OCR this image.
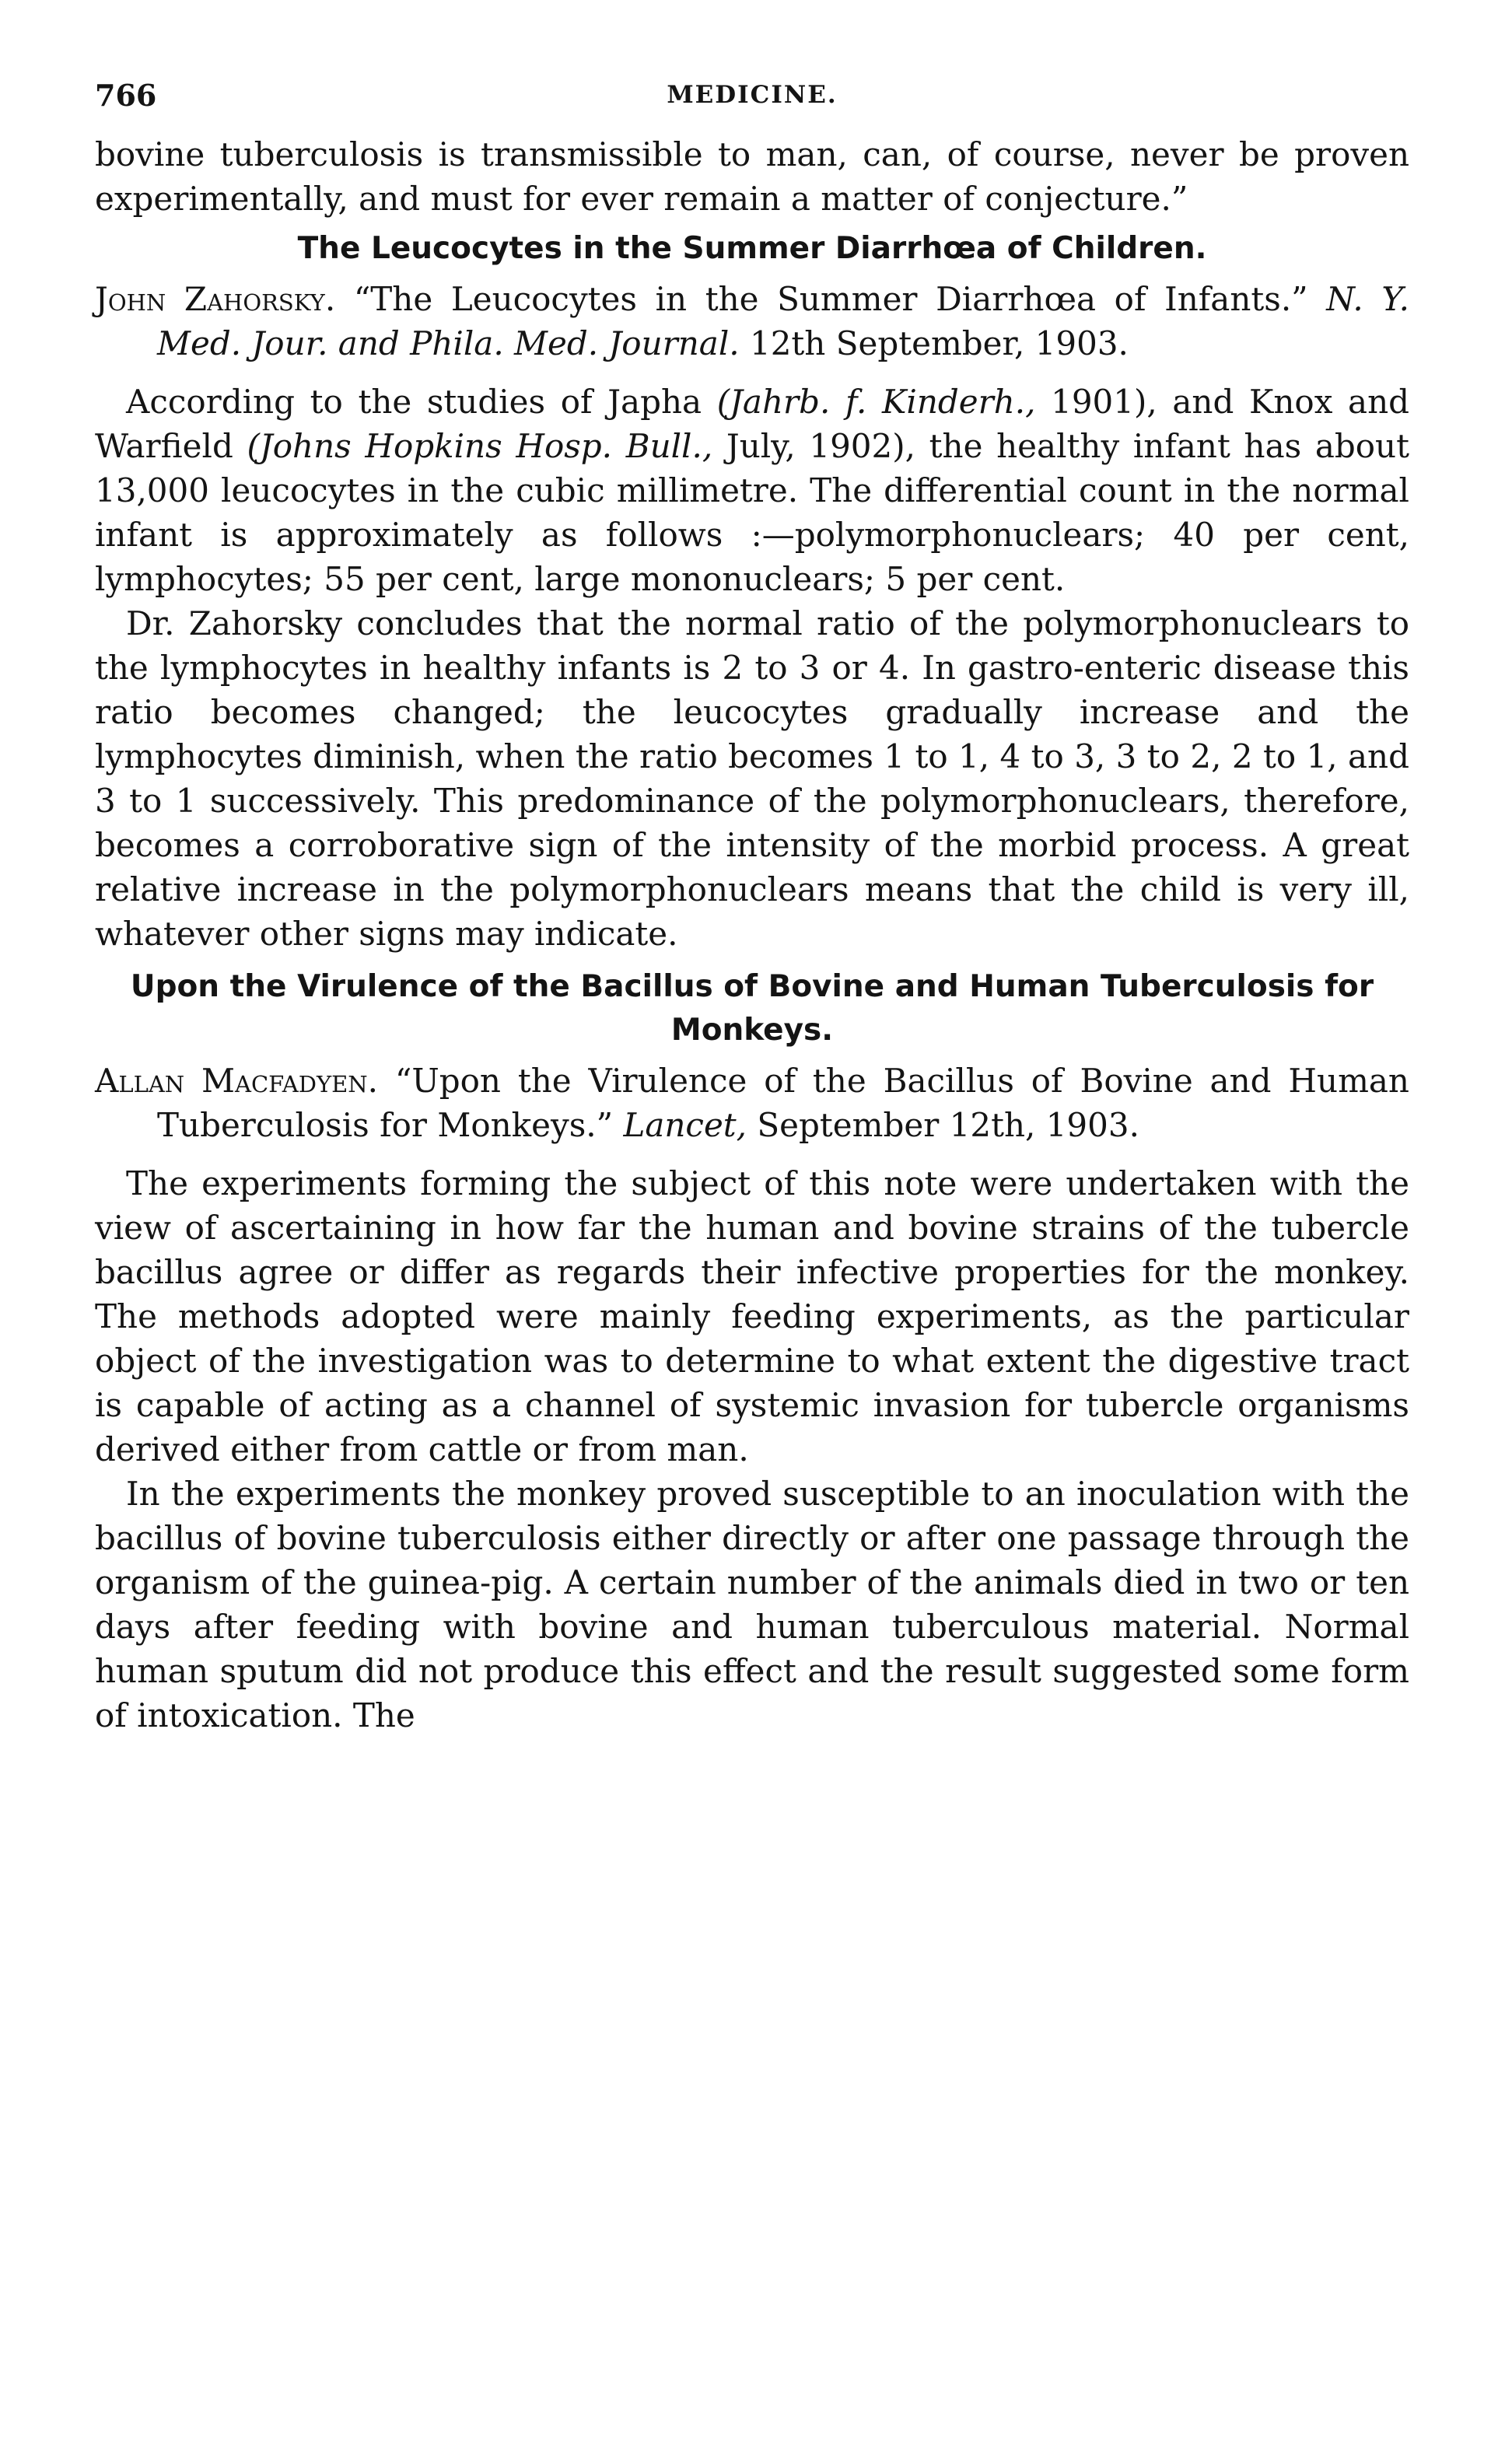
766	MEDICINE.

bovine tuberculosis is transmissible to man, can, of course, never be proven experimentally, and must for ever remain a matter of conjecture.”

The Leucocytes in the Summer Diarrhœa of Children.

John Zahorsky. “The Leucocytes in the Summer Diarrhœa of Infants.” N. Y. Med. Jour. and Phila. Med. Journal. 12th September, 1903.

According to the studies of Japha (Jahrb. f. Kinderh., 1901), and Knox and Warfield (Johns Hopkins Hosp. Bull., July, 1902), the healthy infant has about 13,000 leucocytes in the cubic millimetre. The differential count in the normal infant is approximately as follows :—polymorphonuclears; 40 per cent, lymphocytes; 55 per cent, large mononuclears; 5 per cent.

Dr. Zahorsky concludes that the normal ratio of the polymorphonuclears to the lymphocytes in healthy infants is 2 to 3 or 4. In gastro-enteric disease this ratio becomes changed; the leucocytes gradually increase and the lymphocytes diminish, when the ratio becomes 1 to 1, 4 to 3, 3 to 2, 2 to 1, and 3 to 1 successively. This predominance of the polymorphonuclears, therefore, becomes a corroborative sign of the intensity of the morbid process. A great relative increase in the polymorphonuclears means that the child is very ill, whatever other signs may indicate.

Upon the Virulence of the Bacillus of Bovine and Human Tuberculosis for Monkeys.

Allan Macfadyen. “Upon the Virulence of the Bacillus of Bovine and Human Tuberculosis for Monkeys.” Lancet, September 12th, 1903.

The experiments forming the subject of this note were undertaken with the view of ascertaining in how far the human and bovine strains of the tubercle bacillus agree or differ as regards their infective properties for the monkey. The methods adopted were mainly feeding experiments, as the particular object of the investigation was to determine to what extent the digestive tract is capable of acting as a channel of systemic invasion for tubercle organisms derived either from cattle or from man.

In the experiments the monkey proved susceptible to an inoculation with the bacillus of bovine tuberculosis either directly or after one passage through the organism of the guinea-pig. A certain number of the animals died in two or ten days after feeding with bovine and human tuberculous material. Normal human sputum did not produce this effect and the result suggested some form of intoxication. The
